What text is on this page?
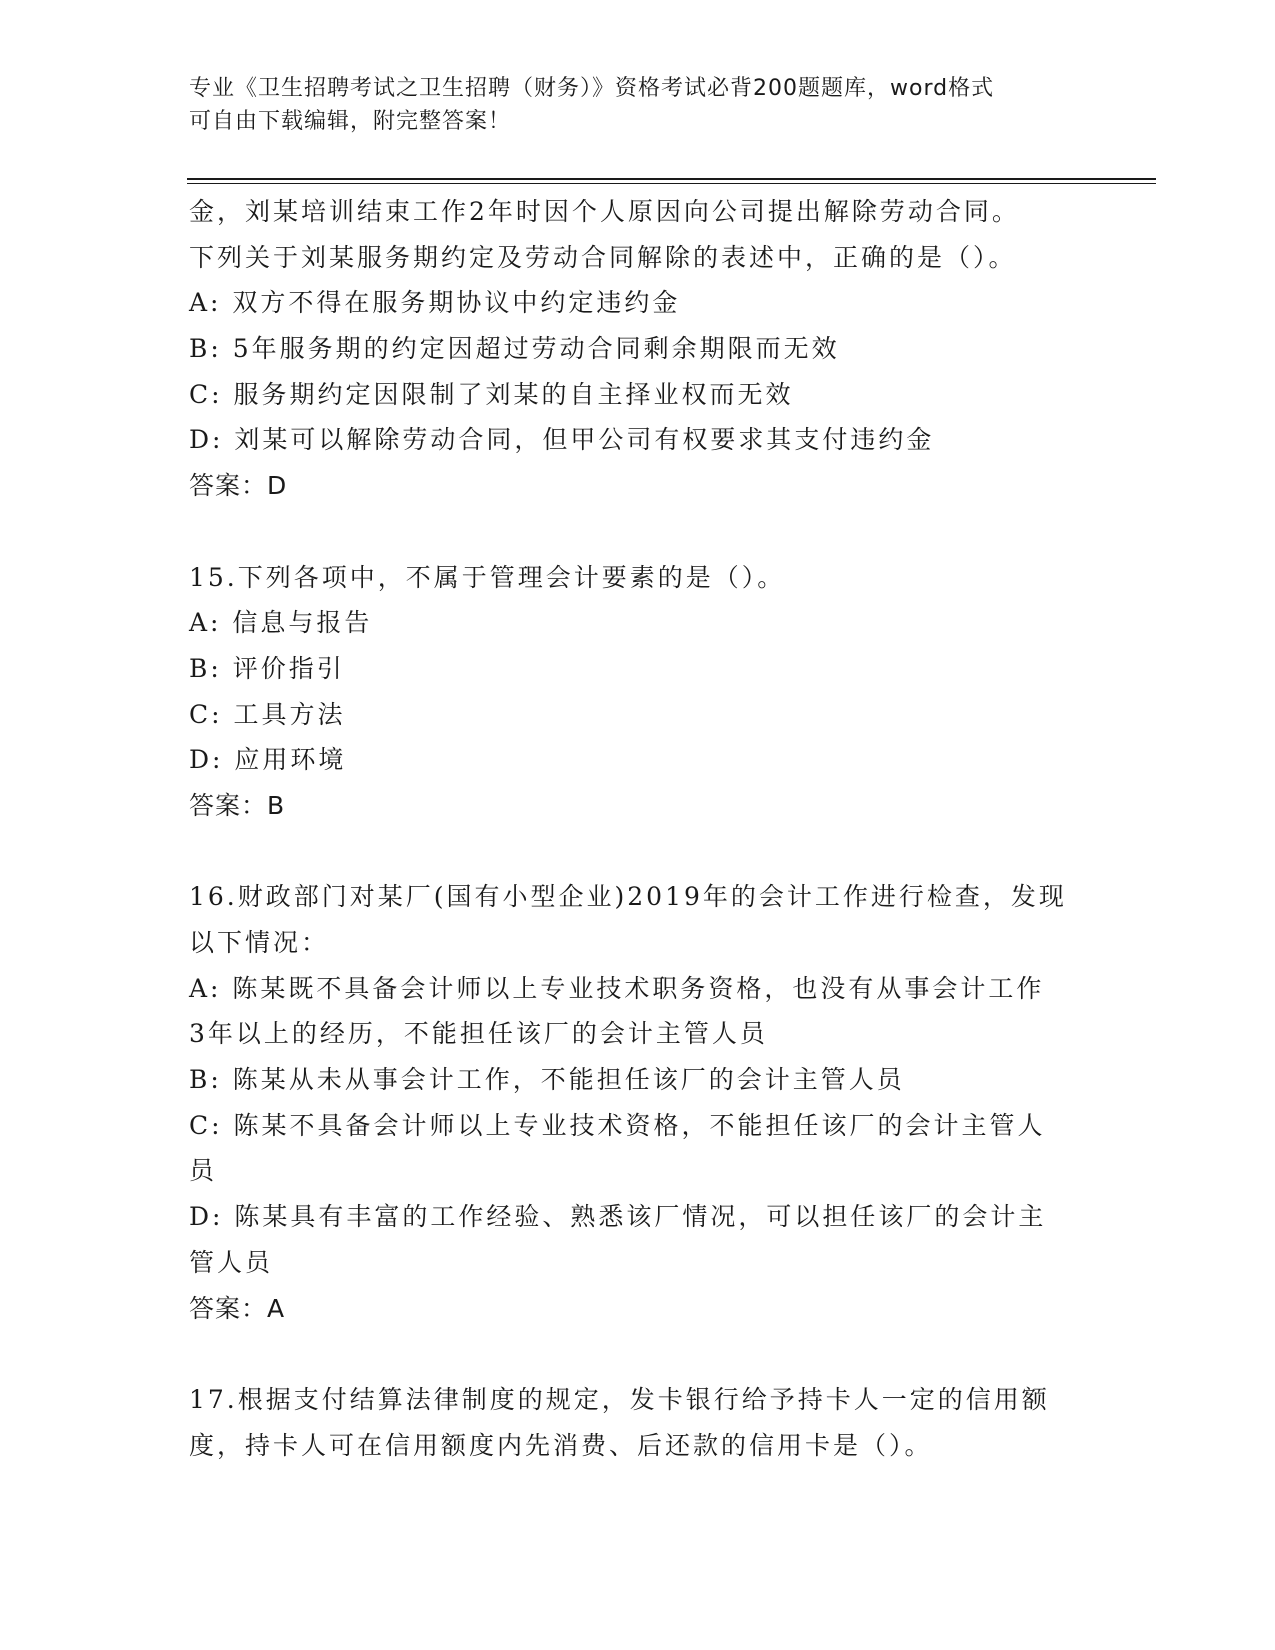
专业《卫生招聘考试之卫生招聘（财务）》资格考试必背200题题库，word格式
可自由下载编辑，附完整答案！
金，刘某培训结束工作2年时因个人原因向公司提出解除劳动合同。
下列关于刘某服务期约定及劳动合同解除的表述中，正确的是（）。
A: 双方不得在服务期协议中约定违约金
B: 5年服务期的约定因超过劳动合同剩余期限而无效
C: 服务期约定因限制了刘某的自主择业权而无效
D: 刘某可以解除劳动合同，但甲公司有权要求其支付违约金
答案：D
15.下列各项中，不属于管理会计要素的是（）。
A: 信息与报告
B: 评价指引
C: 工具方法
D: 应用环境
答案：B
16.财政部门对某厂(国有小型企业)2019年的会计工作进行检查，发现
以下情况：
A: 陈某既不具备会计师以上专业技术职务资格，也没有从事会计工作
3年以上的经历，不能担任该厂的会计主管人员
B: 陈某从未从事会计工作，不能担任该厂的会计主管人员
C: 陈某不具备会计师以上专业技术资格，不能担任该厂的会计主管人
员
D: 陈某具有丰富的工作经验、熟悉该厂情况，可以担任该厂的会计主
管人员
答案：A
17.根据支付结算法律制度的规定，发卡银行给予持卡人一定的信用额
度，持卡人可在信用额度内先消费、后还款的信用卡是（）。
